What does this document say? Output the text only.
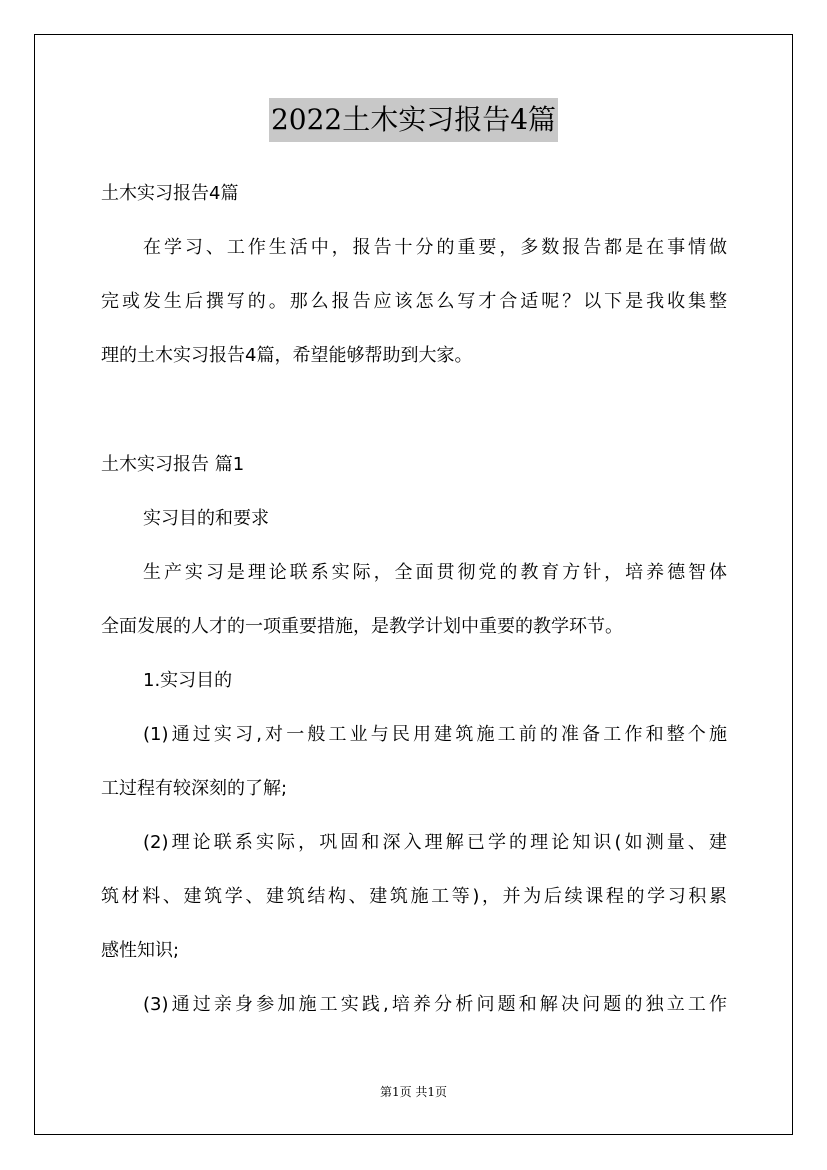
2022土木实习报告4篇
土木实习报告4篇
在学习、工作生活中，报告十分的重要，多数报告都是在事情做
完或发生后撰写的。那么报告应该怎么写才合适呢？以下是我收集整
理的土木实习报告4篇，希望能够帮助到大家。
土木实习报告 篇1
实习目的和要求
生产实习是理论联系实际，全面贯彻党的教育方针，培养德智体
全面发展的人才的一项重要措施，是教学计划中重要的教学环节。
1.实习目的
(1)通过实习,对一般工业与民用建筑施工前的准备工作和整个施
工过程有较深刻的了解;
(2)理论联系实际，巩固和深入理解已学的理论知识(如测量、建
筑材料、建筑学、建筑结构、建筑施工等)，并为后续课程的学习积累
感性知识;
(3)通过亲身参加施工实践,培养分析问题和解决问题的独立工作
第1页 共1页
